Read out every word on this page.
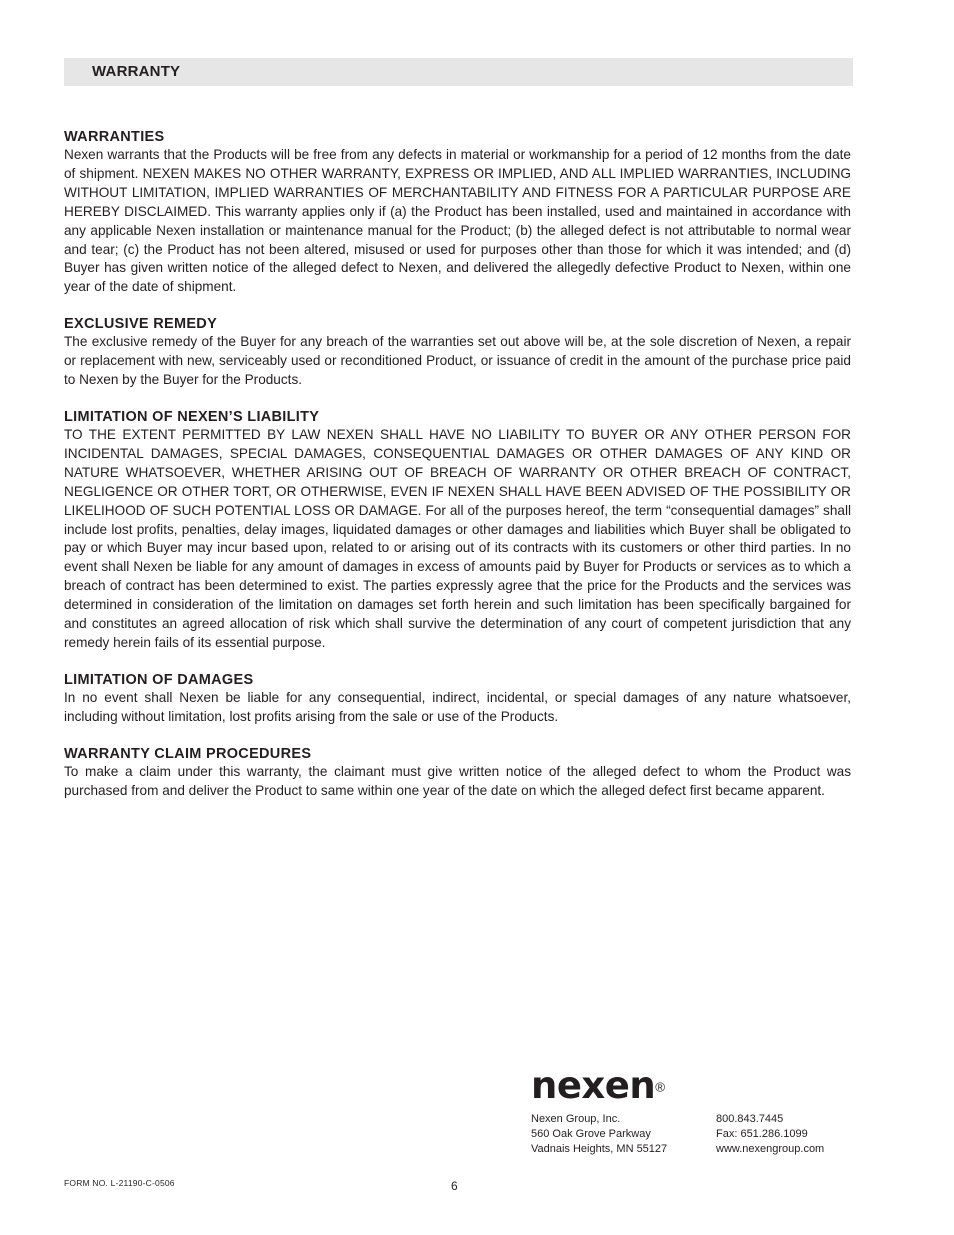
WARRANTY
WARRANTIES

Nexen warrants that the Products will be free from any defects in material or workmanship for a period of 12 months from the date of shipment. NEXEN MAKES NO OTHER WARRANTY, EXPRESS OR IMPLIED, AND ALL IMPLIED WARRANTIES, INCLUDING WITHOUT LIMITATION, IMPLIED WARRANTIES OF MERCHANTABILITY AND FITNESS FOR A PARTICULAR PURPOSE ARE HEREBY DISCLAIMED. This warranty applies only if (a) the Product has been installed, used and maintained in accordance with any applicable Nexen installation or maintenance manual for the Product; (b) the alleged defect is not attributable to normal wear and tear; (c) the Product has not been altered, misused or used for purposes other than those for which it was intended; and (d) Buyer has given written notice of the alleged defect to Nexen, and delivered the allegedly defective Product to Nexen, within one year of the date of shipment.

EXCLUSIVE REMEDY

The exclusive remedy of the Buyer for any breach of the warranties set out above will be, at the sole discretion of Nexen, a repair or replacement with new, serviceably used or reconditioned Product, or issuance of credit in the amount of the purchase price paid to Nexen by the Buyer for the Products.

LIMITATION OF NEXEN’S LIABILITY

TO THE EXTENT PERMITTED BY LAW NEXEN SHALL HAVE NO LIABILITY TO BUYER OR ANY OTHER PERSON FOR INCIDENTAL DAMAGES, SPECIAL DAMAGES, CONSEQUENTIAL DAMAGES OR OTHER DAMAGES OF ANY KIND OR NATURE WHATSOEVER, WHETHER ARISING OUT OF BREACH OF WARRANTY OR OTHER BREACH OF CONTRACT, NEGLIGENCE OR OTHER TORT, OR OTHERWISE, EVEN IF NEXEN SHALL HAVE BEEN ADVISED OF THE POSSIBILITY OR LIKELIHOOD OF SUCH POTENTIAL LOSS OR DAMAGE. For all of the purposes hereof, the term “consequential damages” shall include lost profits, penalties, delay images, liquidated damages or other damages and liabilities which Buyer shall be obligated to pay or which Buyer may incur based upon, related to or arising out of its contracts with its customers or other third parties. In no event shall Nexen be liable for any amount of damages in excess of amounts paid by Buyer for Products or services as to which a breach of contract has been determined to exist. The parties expressly agree that the price for the Products and the services was determined in consideration of the limitation on damages set forth herein and such limitation has been specifically bargained for and constitutes an agreed allocation of risk which shall survive the determination of any court of competent jurisdiction that any remedy herein fails of its essential purpose.

LIMITATION OF DAMAGES

In no event shall Nexen be liable for any consequential, indirect, incidental, or special damages of any nature whatsoever, including without limitation, lost profits arising from the sale or use of the Products.

WARRANTY CLAIM PROCEDURES

To make a claim under this warranty, the claimant must give written notice of the alleged defect to whom the Product was purchased from and deliver the Product to same within one year of the date on which the alleged defect first became apparent.

nexen®
Nexen Group, Inc.
560 Oak Grove Parkway
Vadnais Heights, MN 55127
800.843.7445
Fax: 651.286.1099
www.nexengroup.com
FORM NO. L-21190-C-0506	6
